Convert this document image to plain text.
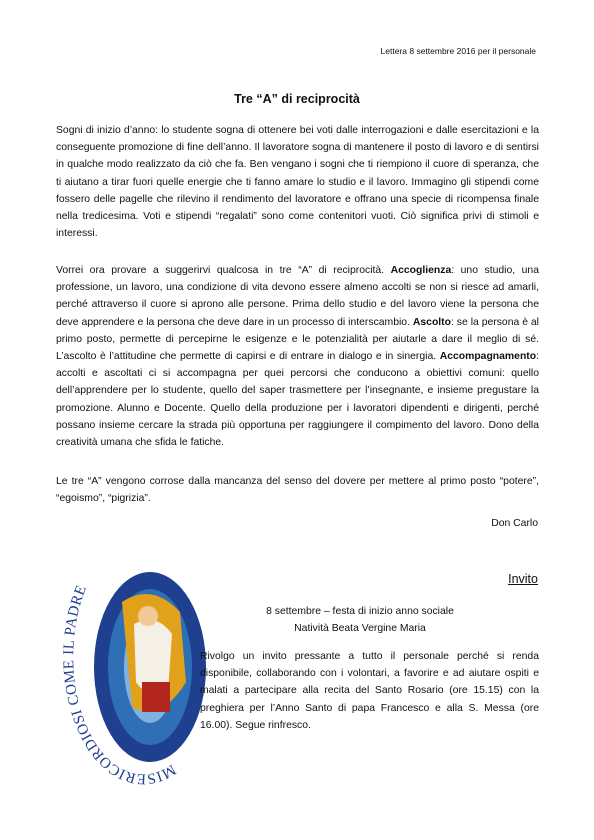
Lettera 8 settembre 2016 per il personale
Tre “A” di reciprocità
Sogni di inizio d’anno: lo studente sogna di ottenere bei voti dalle interrogazioni e dalle esercitazioni e la conseguente promozione di fine dell’anno. Il lavoratore sogna di mantenere il posto di lavoro e di sentirsi in qualche modo realizzato da ciò che fa. Ben vengano i sogni che ti riempiono il cuore di speranza, che ti aiutano a tirar fuori quelle energie che ti fanno amare lo studio e il lavoro. Immagino gli stipendi come fossero delle pagelle che rilevino il rendimento del lavoratore e offrano una specie di ricompensa finale nella tredicesima. Voti e stipendi “regalati” sono come contenitori vuoti. Ciò significa privi di stimoli e interessi.
Vorrei ora provare a suggerirvi qualcosa in tre “A” di reciprocità. Accoglienza: uno studio, una professione, un lavoro, una condizione di vita devono essere almeno accolti se non si riesce ad amarli, perché attraverso il cuore si aprono alle persone. Prima dello studio e del lavoro viene la persona che deve apprendere e la persona che deve dare in un processo di interscambio. Ascolto: se la persona è al primo posto, permette di percepirne le esigenze e le potenzialità per aiutarle a dare il meglio di sé. L’ascolto è l’attitudine che permette di capirsi e di entrare in dialogo e in sinergia. Accompagnamento: accolti e ascoltati ci si accompagna per quei percorsi che conducono a obiettivi comuni: quello dell’apprendere per lo studente, quello del saper trasmettere per l’insegnante, e insieme pregustare la promozione. Alunno e Docente. Quello della produzione per i lavoratori dipendenti e dirigenti, perché possano insieme cercare la strada più opportuna per raggiungere il compimento del lavoro. Dono della creatività umana che sfida le fatiche.
Le tre “A” vengono corrose dalla mancanza del senso del dovere per mettere al primo posto “potere”, “egoismo”, “pigrizia”.
Don Carlo
MISERICORDIOSI COME IL PADRE
Invito
8 settembre – festa di inizio anno sociale
Natività Beata Vergine Maria
Rivolgo un invito pressante a tutto il personale perché si renda disponibile, collaborando con i volontari, a favorire e ad aiutare ospiti e malati a partecipare alla recita del Santo Rosario (ore 15.15) con la preghiera per l’Anno Santo di papa Francesco e alla S. Messa (ore 16.00). Segue rinfresco.
